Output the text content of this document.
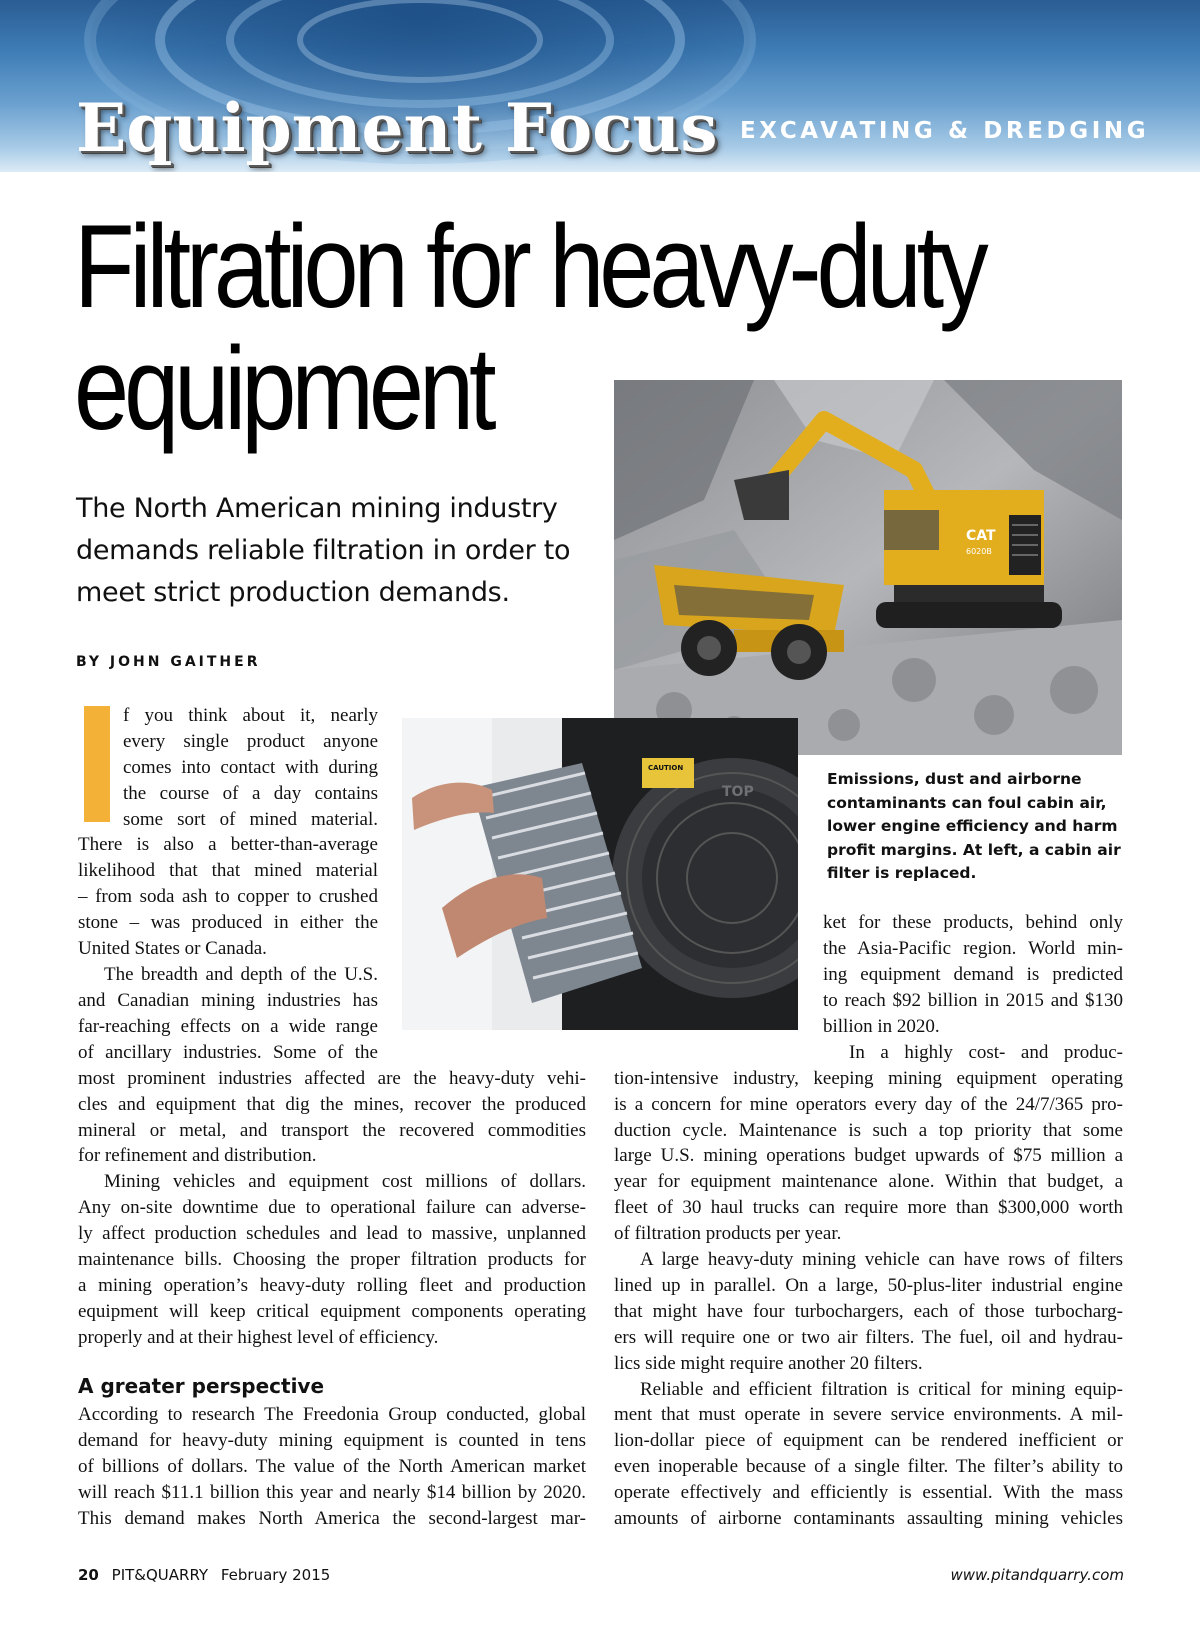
Equipment Focus EXCAVATING & DREDGING
Filtration for heavy-duty
equipment

The North American mining industry
demands reliable filtration in order to
meet strict production demands.

BY JOHN GAITHER
CAT
6020B
CAUTION
TOP

Emissions, dust and airborne
contaminants can foul cabin air,
lower engine efficiency and harm
profit margins. At left, a cabin air
filter is replaced.

f you think about it, nearly

every single product anyone

comes into contact with during

the course of a day contains

some sort of mined material.

There is also a better-than-average

likelihood that that mined material

– from soda ash to copper to crushed

stone – was produced in either the

United States or Canada.

The breadth and depth of the U.S.

and Canadian mining industries has

far-reaching effects on a wide range

of ancillary industries. Some of the

most prominent industries affected are the heavy-duty vehi-

cles and equipment that dig the mines, recover the produced

mineral or metal, and transport the recovered commodities

for refinement and distribution.

Mining vehicles and equipment cost millions of dollars.

Any on-site downtime due to operational failure can adverse-

ly affect production schedules and lead to massive, unplanned

maintenance bills. Choosing the proper filtration products for

a mining operation’s heavy-duty rolling fleet and production

equipment will keep critical equipment components operating

properly and at their highest level of efficiency.

A greater perspective

According to research The Freedonia Group conducted, global

demand for heavy-duty mining equipment is counted in tens

of billions of dollars. The value of the North American market

will reach $11.1 billion this year and nearly $14 billion by 2020.

This demand makes North America the second-largest mar-

ket for these products, behind only

the Asia-Pacific region. World min-

ing equipment demand is predicted

to reach $92 billion in 2015 and $130

billion in 2020.

In a highly cost- and produc-

tion-intensive industry, keeping mining equipment operating

is a concern for mine operators every day of the 24/7/365 pro-

duction cycle. Maintenance is such a top priority that some

large U.S. mining operations budget upwards of $75 million a

year for equipment maintenance alone. Within that budget, a

fleet of 30 haul trucks can require more than $300,000 worth

of filtration products per year.

A large heavy-duty mining vehicle can have rows of filters

lined up in parallel. On a large, 50-plus-liter industrial engine

that might have four turbochargers, each of those turbocharg-

ers will require one or two air filters. The fuel, oil and hydrau-

lics side might require another 20 filters.

Reliable and efficient filtration is critical for mining equip-

ment that must operate in severe service environments. A mil-

lion-dollar piece of equipment can be rendered inefficient or

even inoperable because of a single filter. The filter’s ability to

operate effectively and efficiently is essential. With the mass

amounts of airborne contaminants assaulting mining vehicles

20 PIT&QUARRY February 2015	www.pitandquarry.com
